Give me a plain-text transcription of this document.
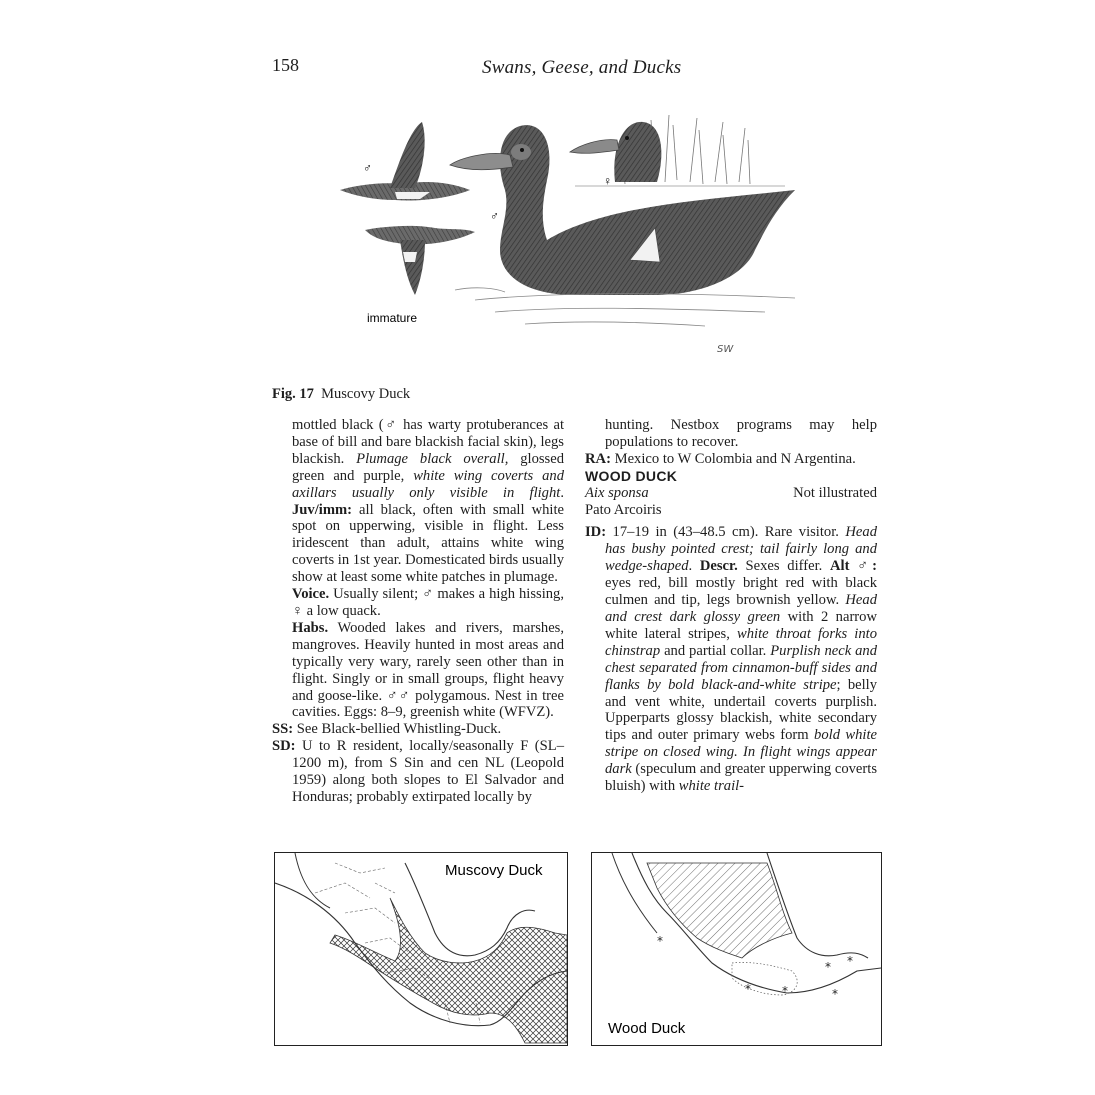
158	Swans, Geese, and Ducks
♂
♀
♂
immature
SW
Fig. 17 Muscovy Duck

mottled black (♂ has warty protuberances at base of bill and bare blackish facial skin), legs blackish. Plumage black overall, glossed green and purple, white wing coverts and axillars usually only visible in flight. Juv/imm: all black, often with small white spot on upperwing, visible in flight. Less iridescent than adult, attains white wing coverts in 1st year. Domesticated birds usually show at least some white patches in plumage.

Voice. Usually silent; ♂ makes a high hissing, ♀ a low quack.

Habs. Wooded lakes and rivers, marshes, mangroves. Heavily hunted in most areas and typically very wary, rarely seen other than in flight. Singly or in small groups, flight heavy and goose-like. ♂♂ polygamous. Nest in tree cavities. Eggs: 8–9, greenish white (WFVZ).

SS: See Black-bellied Whistling-Duck.

SD: U to R resident, locally/seasonally F (SL–1200 m), from S Sin and cen NL (Leopold 1959) along both slopes to El Salvador and Honduras; probably extirpated locally by

hunting. Nestbox programs may help populations to recover.

RA: Mexico to W Colombia and N Argentina.

WOOD DUCK

Aix sponsa	Not illustrated

Pato Arcoiris

ID: 17–19 in (43–48.5 cm). Rare visitor. Head has bushy pointed crest; tail fairly long and wedge-shaped. Descr. Sexes differ. Alt ♂: eyes red, bill mostly bright red with black culmen and tip, legs brownish yellow. Head and crest dark glossy green with 2 narrow white lateral stripes, white throat forks into chinstrap and partial collar. Purplish neck and chest separated from cinnamon-buff sides and flanks by bold black-and-white stripe; belly and vent white, undertail coverts purplish. Upperparts glossy blackish, white secondary tips and outer primary webs form bold white stripe on closed wing. In flight wings appear dark (speculum and greater upperwing coverts bluish) with white trail-

Muscovy Duck
*
*	*
* *
*
Wood Duck
